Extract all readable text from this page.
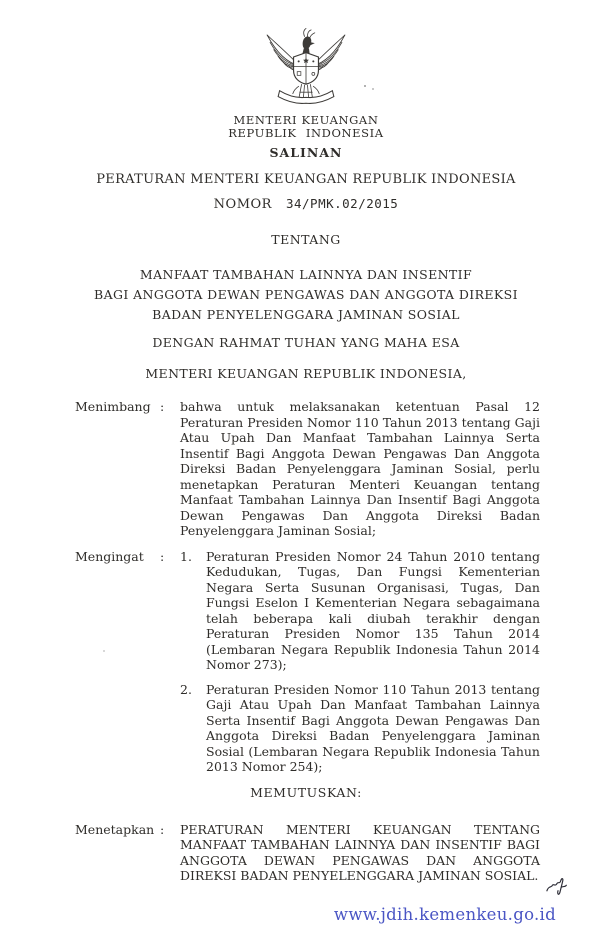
MENTERI KEUANGAN
REPUBLIK INDONESIA
SALINAN
PERATURAN MENTERI KEUANGAN REPUBLIK INDONESIA
NOMOR 34/PMK.02/2015
TENTANG
MANFAAT TAMBAHAN LAINNYA DAN INSENTIF
BAGI ANGGOTA DEWAN PENGAWAS DAN ANGGOTA DIREKSI
BADAN PENYELENGGARA JAMINAN SOSIAL
DENGAN RAHMAT TUHAN YANG MAHA ESA
MENTERI KEUANGAN REPUBLIK INDONESIA,
Menimbang :	bahwa untuk melaksanakan ketentuan Pasal 12 Peraturan Presiden Nomor 110 Tahun 2013 tentang Gaji Atau Upah Dan Manfaat Tambahan Lainnya Serta Insentif Bagi Anggota Dewan Pengawas Dan Anggota Direksi Badan Penyelenggara Jaminan Sosial, perlu menetapkan Peraturan Menteri Keuangan tentang Manfaat Tambahan Lainnya Dan Insentif Bagi Anggota Dewan Pengawas Dan Anggota Direksi Badan Penyelenggara Jaminan Sosial;
Mengingat	:	1.	Peraturan Presiden Nomor 24 Tahun 2010 tentang Kedudukan, Tugas, Dan Fungsi Kementerian Negara Serta Susunan Organisasi, Tugas, Dan Fungsi Eselon I Kementerian Negara sebagaimana telah beberapa kali diubah terakhir dengan Peraturan Presiden Nomor 135 Tahun 2014 (Lembaran Negara Republik Indonesia Tahun 2014 Nomor 273);
2.	Peraturan Presiden Nomor 110 Tahun 2013 tentang Gaji Atau Upah Dan Manfaat Tambahan Lainnya Serta Insentif Bagi Anggota Dewan Pengawas Dan Anggota Direksi Badan Penyelenggara Jaminan Sosial (Lembaran Negara Republik Indonesia Tahun 2013 Nomor 254);
MEMUTUSKAN:
Menetapkan :	PERATURAN MENTERI KEUANGAN TENTANG MANFAAT TAMBAHAN LAINNYA DAN INSENTIF BAGI ANGGOTA DEWAN PENGAWAS DAN ANGGOTA DIREKSI BADAN PENYELENGGARA JAMINAN SOSIAL.
www.jdih.kemenkeu.go.id
